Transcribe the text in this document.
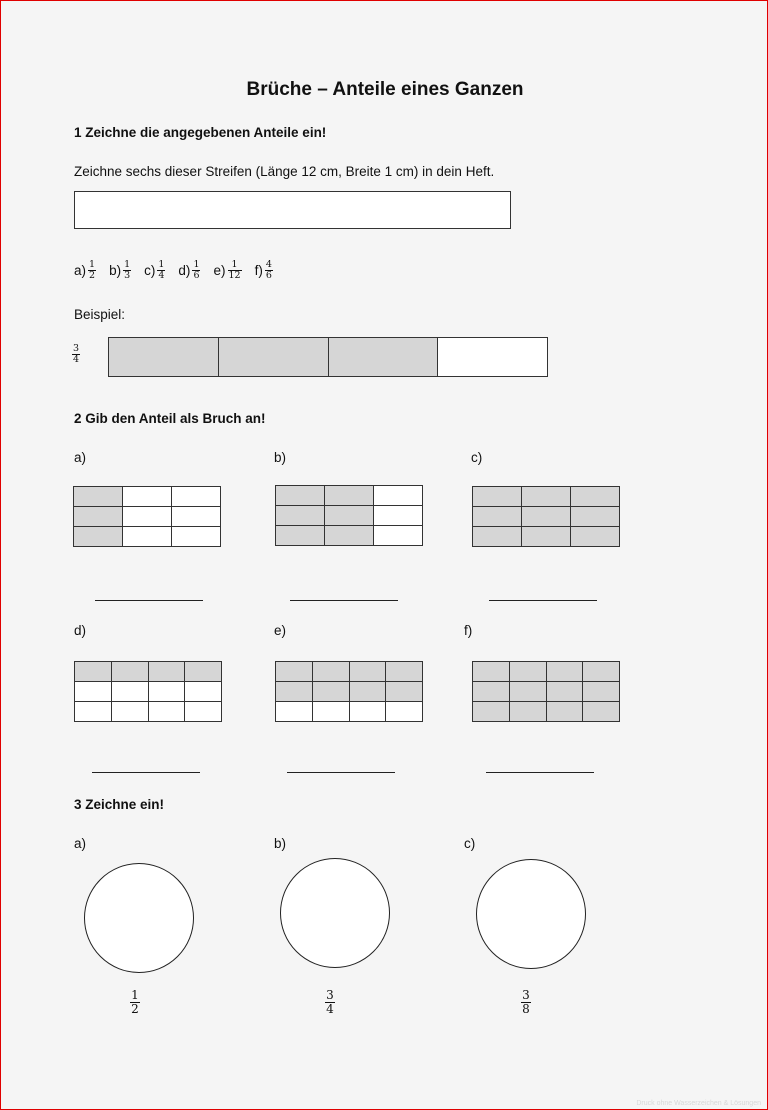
Brüche – Anteile eines Ganzen
1 Zeichne die angegebenen Anteile ein!
Zeichne sechs dieser Streifen (Länge 12 cm, Breite 1 cm) in dein Heft.
$a) \frac{1}{2} b) \frac{1}{3} c) \frac{1}{4} d) \frac{1}{6} e) \frac{1}{12} f) \frac{4}{6}$
Beispiel:
$\frac{3}{4}$
2 Gib den Anteil als Bruch an!
a)	b)	c)
d)	e)	f)
3 Zeichne ein!
a)	b)	c)
$\frac{1}{2}$	$\frac{3}{4}$	$\frac{3}{8}$
Druck ohne Wasserzeichen & Lösungen
